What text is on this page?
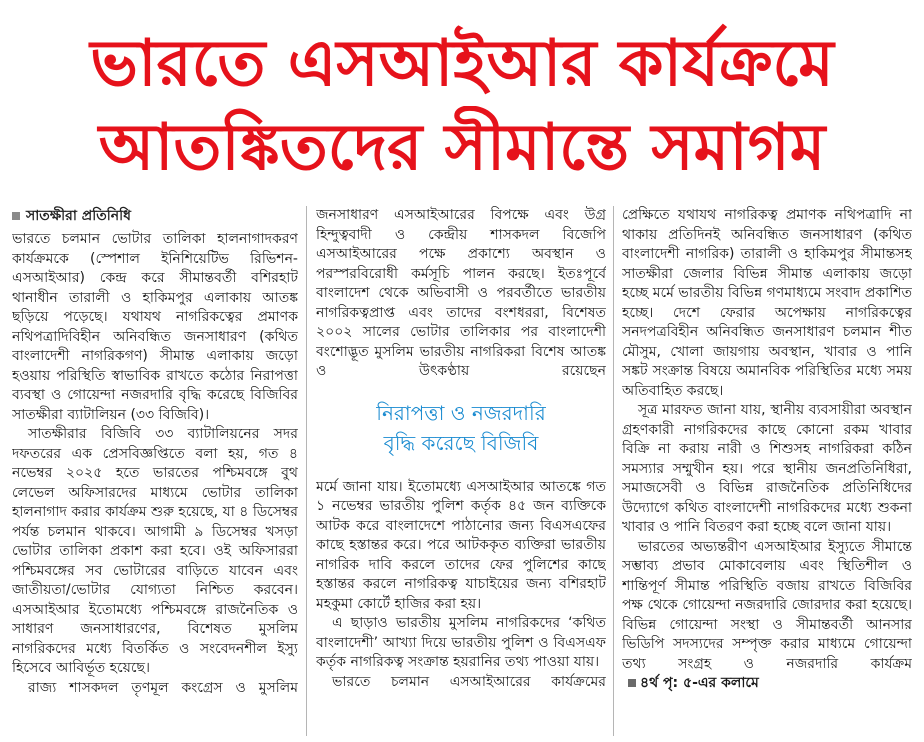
ভারতে এসআইআর কার্যক্রমে
আতঙ্কিতদের সীমান্তে সমাগম
সাতক্ষীরা প্রতিনিধি

ভারতে চলমান ভোটার তালিকা হালনাগাদকরণ কার্যক্রমকে (স্পেশাল ইনিশিয়েটিভ রিভিশন-এসআইআর) কেন্দ্র করে সীমান্তবর্তী বশিরহাট থানাধীন তারালী ও হাকিমপুর এলাকায় আতঙ্ক ছড়িয়ে পড়েছে। যথাযথ নাগরিকত্বের প্রমাণক নথিপত্রাদিবিহীন অনিবন্ধিত জনসাধারণ (কথিত বাংলাদেশী নাগরিকগণ) সীমান্ত এলাকায় জড়ো হওয়ায় পরিস্থিতি স্বাভাবিক রাখতে কঠোর নিরাপত্তা ব্যবস্থা ও গোয়েন্দা নজরদারি বৃদ্ধি করেছে বিজিবির সাতক্ষীরা ব্যাটালিয়ন (৩৩ বিজিবি)।

সাতক্ষীরার বিজিবি ৩৩ ব্যাটালিয়নের সদর দফতরের এক প্রেসবিজ্ঞপ্তিতে বলা হয়, গত ৪ নভেম্বর ২০২৫ হতে ভারতের পশ্চিমবঙ্গে বুথ লেভেল অফিসারদের মাধ্যমে ভোটার তালিকা হালনাগাদ করার কার্যক্রম শুরু হয়েছে, যা ৪ ডিসেম্বর পর্যন্ত চলমান থাকবে। আগামী ৯ ডিসেম্বর খসড়া ভোটার তালিকা প্রকাশ করা হবে। ওই অফিসাররা পশ্চিমবঙ্গের সব ভোটারের বাড়িতে যাবেন এবং জাতীয়তা/ভোটার যোগ্যতা নিশ্চিত করবেন। এসআইআর ইতোমধ্যে পশ্চিমবঙ্গে রাজনৈতিক ও সাধারণ জনসাধারণের, বিশেষত মুসলিম নাগরিকদের মধ্যে বিতর্কিত ও সংবেদনশীল ইস্যু হিসেবে আবির্ভূত হয়েছে।

রাজ্য শাসকদল তৃণমূল কংগ্রেস ও মুসলিম

জনসাধারণ এসআইআরের বিপক্ষে এবং উগ্র হিন্দুত্ববাদী ও কেন্দ্রীয় শাসকদল বিজেপি এসআইআরের পক্ষে প্রকাশ্যে অবস্থান ও পরস্পরবিরোধী কর্মসূচি পালন করছে। ইতঃপূর্বে বাংলাদেশ থেকে অভিবাসী ও পরবর্তীতে ভারতীয় নাগরিকত্বপ্রাপ্ত এবং তাদের বংশধররা, বিশেষত ২০০২ সালের ভোটার তালিকার পর বাংলাদেশী বংশোদ্ভূত মুসলিম ভারতীয় নাগরিকরা বিশেষ আতঙ্ক ও উৎকণ্ঠায় রয়েছেন

নিরাপত্তা ও নজরদারি
বৃদ্ধি করেছে বিজিবি

মর্মে জানা যায়। ইতোমধ্যে এসআইআর আতঙ্কে গত ১ নভেম্বর ভারতীয় পুলিশ কর্তৃক ৪৫ জন ব্যক্তিকে আটক করে বাংলাদেশে পাঠানোর জন্য বিএসএফের কাছে হস্তান্তর করে। পরে আটককৃত ব্যক্তিরা ভারতীয় নাগরিক দাবি করলে তাদের ফের পুলিশের কাছে হস্তান্তর করলে নাগরিকত্ব যাচাইয়ের জন্য বশিরহাট মহকুমা কোর্টে হাজির করা হয়।

এ ছাড়াও ভারতীয় মুসলিম নাগরিকদের ‘কথিত বাংলাদেশী’ আখ্যা দিয়ে ভারতীয় পুলিশ ও বিএসএফ কর্তৃক নাগরিকত্ব সংক্রান্ত হয়রানির তথ্য পাওয়া যায়।

ভারতে চলমান এসআইআরের কার্যক্রমের

প্রেক্ষিতে যথাযথ নাগরিকত্ব প্রমাণক নথিপত্রাদি না থাকায় প্রতিদিনই অনিবন্ধিত জনসাধারণ (কথিত বাংলাদেশী নাগরিক) তারালী ও হাকিমপুর সীমান্তসহ সাতক্ষীরা জেলার বিভিন্ন সীমান্ত এলাকায় জড়ো হচ্ছে মর্মে ভারতীয় বিভিন্ন গণমাধ্যমে সংবাদ প্রকাশিত হচ্ছে। দেশে ফেরার অপেক্ষায় নাগরিকত্বের সনদপত্রবিহীন অনিবন্ধিত জনসাধারণ চলমান শীত মৌসুম, খোলা জায়গায় অবস্থান, খাবার ও পানি সঙ্কট সংক্রান্ত বিষয়ে অমানবিক পরিস্থিতির মধ্যে সময় অতিবাহিত করছে।

সূত্র মারফত জানা যায়, স্থানীয় ব্যবসায়ীরা অবস্থান গ্রহণকারী নাগরিকদের কাছে কোনো রকম খাবার বিক্রি না করায় নারী ও শিশুসহ নাগরিকরা কঠিন সমস্যার সম্মুখীন হয়। পরে স্থানীয় জনপ্রতিনিধিরা, সমাজসেবী ও বিভিন্ন রাজনৈতিক প্রতিনিধিদের উদ্যোগে কথিত বাংলাদেশী নাগরিকদের মধ্যে শুকনা খাবার ও পানি বিতরণ করা হচ্ছে বলে জানা যায়।

ভারতের অভ্যন্তরীণ এসআইআর ইস্যুতে সীমান্তে সম্ভাব্য প্রভাব মোকাবেলায় এবং স্থিতিশীল ও শান্তিপূর্ণ সীমান্ত পরিস্থিতি বজায় রাখতে বিজিবির পক্ষ থেকে গোয়েন্দা নজরদারি জোরদার করা হয়েছে। বিভিন্ন গোয়েন্দা সংস্থা ও সীমান্তবর্তী আনসার ভিডিপি সদস্যদের সম্পৃক্ত করার মাধ্যমে গোয়েন্দা তথ্য সংগ্রহ ও নজরদারি কার্যক্রম৪র্থ পৃ: ৫-এর কলামে
